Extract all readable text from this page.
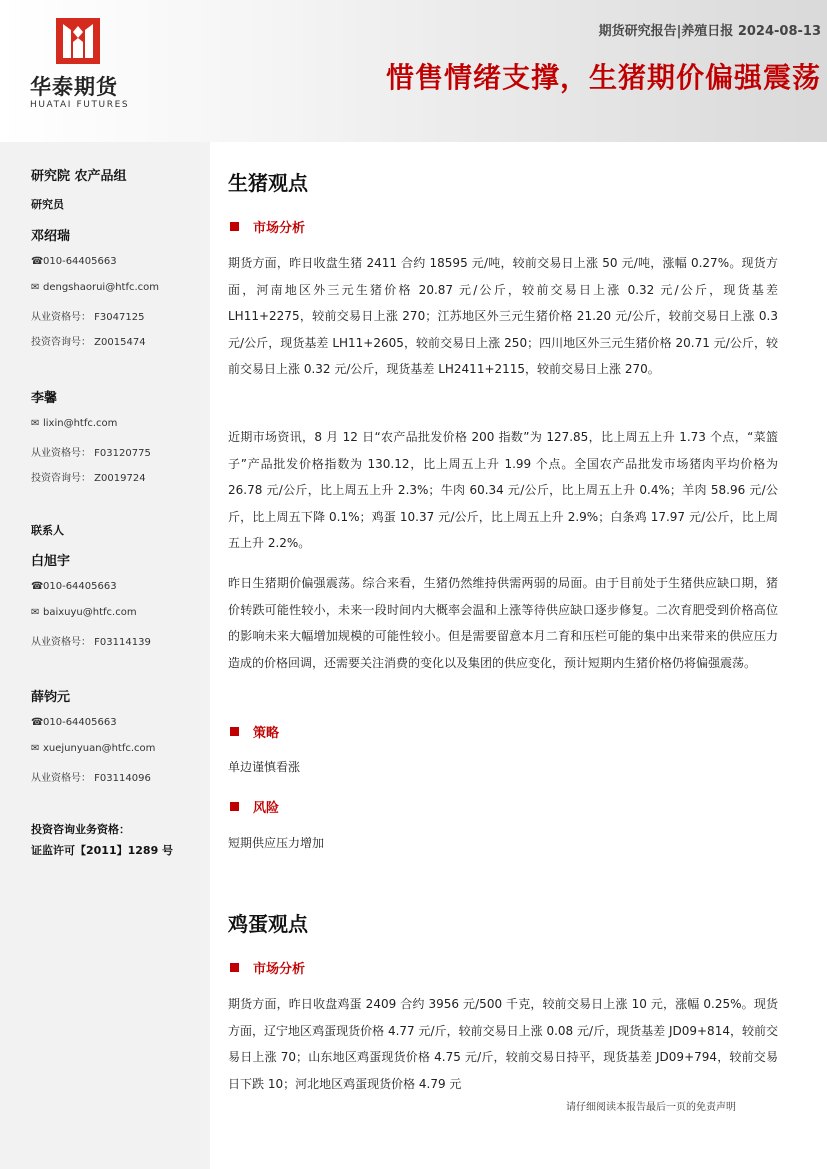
华泰期货
HUATAI FUTURES
期货研究报告|养殖日报 2024-08-13
惜售情绪支撑，生猪期价偏强震荡
研究院 农产品组
研究员
邓绍瑞
☎010-64405663
✉ dengshaorui@htfc.com
从业资格号： F3047125
投资咨询号： Z0015474
李馨
✉ lixin@htfc.com
从业资格号： F03120775
投资咨询号： Z0019724
联系人
白旭宇
☎010-64405663
✉ baixuyu@htfc.com
从业资格号： F03114139
薛钧元
☎010-64405663
✉ xuejunyuan@htfc.com
从业资格号： F03114096
投资咨询业务资格：
证监许可【2011】1289 号
生猪观点
市场分析

期货方面，昨日收盘生猪 2411 合约 18595 元/吨，较前交易日上涨 50 元/吨，涨幅 0.27%。现货方面，河南地区外三元生猪价格 20.87 元/公斤，较前交易日上涨 0.32 元/公斤，现货基差 LH11+2275，较前交易日上涨 270；江苏地区外三元生猪价格 21.20 元/公斤，较前交易日上涨 0.3 元/公斤，现货基差 LH11+2605，较前交易日上涨 250；四川地区外三元生猪价格 20.71 元/公斤，较前交易日上涨 0.32 元/公斤，现货基差 LH2411+2115，较前交易日上涨 270。

近期市场资讯，8 月 12 日“农产品批发价格 200 指数”为 127.85，比上周五上升 1.73 个点，“菜篮子”产品批发价格指数为 130.12，比上周五上升 1.99 个点。全国农产品批发市场猪肉平均价格为 26.78 元/公斤，比上周五上升 2.3%；牛肉 60.34 元/公斤，比上周五上升 0.4%；羊肉 58.96 元/公斤，比上周五下降 0.1%；鸡蛋 10.37 元/公斤，比上周五上升 2.9%；白条鸡 17.97 元/公斤，比上周五上升 2.2%。

昨日生猪期价偏强震荡。综合来看，生猪仍然维持供需两弱的局面。由于目前处于生猪供应缺口期，猪价转跌可能性较小，未来一段时间内大概率会温和上涨等待供应缺口逐步修复。二次育肥受到价格高位的影响未来大幅增加规模的可能性较小。但是需要留意本月二育和压栏可能的集中出来带来的供应压力造成的价格回调，还需要关注消费的变化以及集团的供应变化，预计短期内生猪价格仍将偏强震荡。

策略
单边谨慎看涨
风险
短期供应压力增加
鸡蛋观点
市场分析

期货方面，昨日收盘鸡蛋 2409 合约 3956 元/500 千克，较前交易日上涨 10 元，涨幅 0.25%。现货方面，辽宁地区鸡蛋现货价格 4.77 元/斤，较前交易日上涨 0.08 元/斤，现货基差 JD09+814，较前交易日上涨 70；山东地区鸡蛋现货价格 4.75 元/斤，较前交易日持平，现货基差 JD09+794，较前交易日下跌 10；河北地区鸡蛋现货价格 4.79 元

请仔细阅读本报告最后一页的免责声明
